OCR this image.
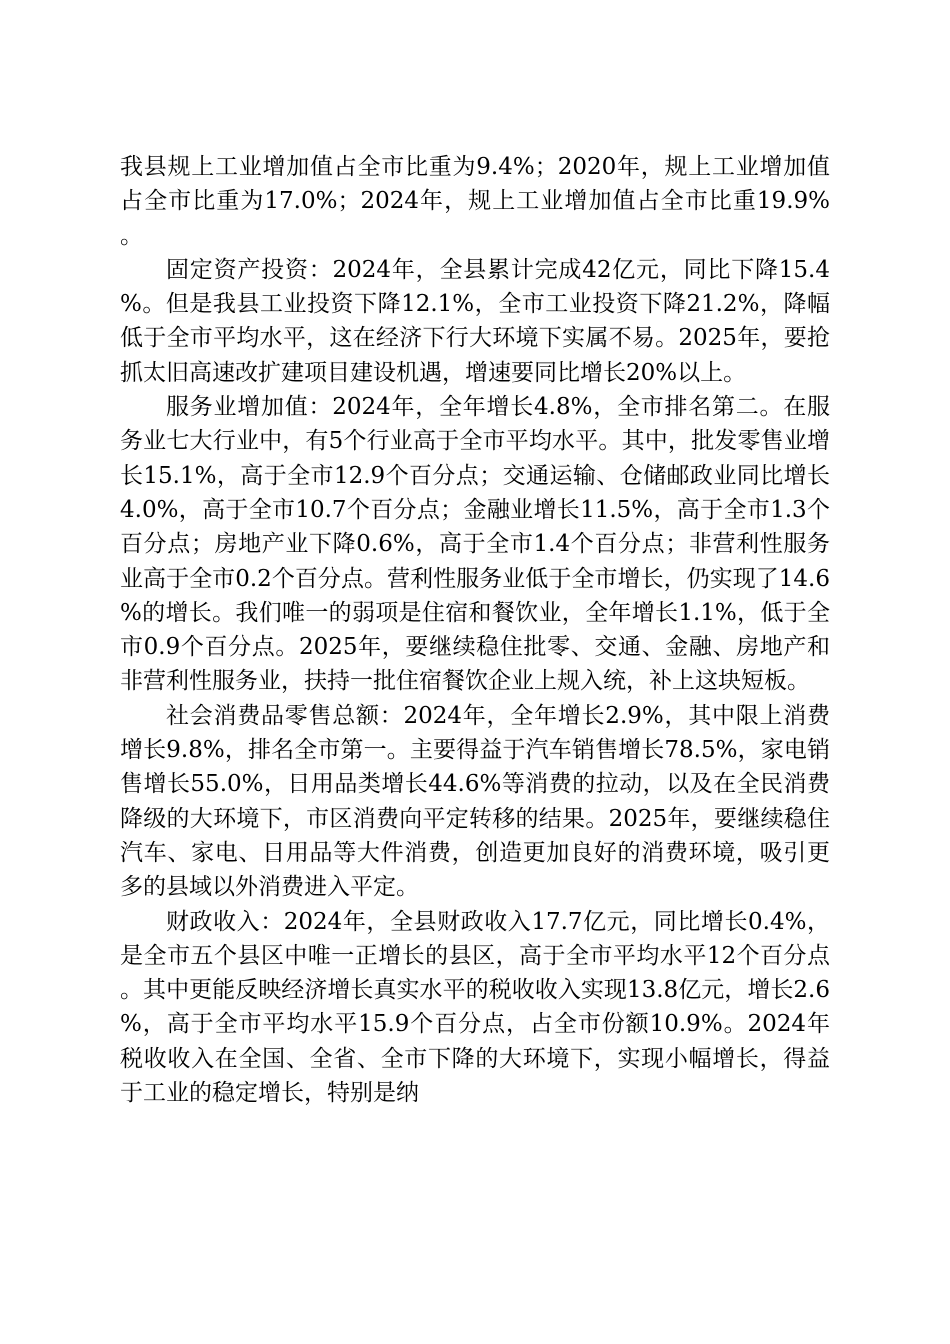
我县规上工业增加值占全市比重为9.4%；2020年，规上工业增加值占全市比重为17.0%；2024年，规上工业增加值占全市比重19.9%。

固定资产投资：2024年，全县累计完成42亿元，同比下降15.4%。但是我县工业投资下降12.1%，全市工业投资下降21.2%，降幅低于全市平均水平，这在经济下行大环境下实属不易。2025年，要抢抓太旧高速改扩建项目建设机遇，增速要同比增长20%以上。

服务业增加值：2024年，全年增长4.8%，全市排名第二。在服务业七大行业中，有5个行业高于全市平均水平。其中，批发零售业增长15.1%，高于全市12.9个百分点；交通运输、仓储邮政业同比增长4.0%，高于全市10.7个百分点；金融业增长11.5%，高于全市1.3个百分点；房地产业下降0.6%，高于全市1.4个百分点；非营利性服务业高于全市0.2个百分点。营利性服务业低于全市增长，仍实现了14.6%的增长。我们唯一的弱项是住宿和餐饮业，全年增长1.1%，低于全市0.9个百分点。2025年，要继续稳住批零、交通、金融、房地产和非营利性服务业，扶持一批住宿餐饮企业上规入统，补上这块短板。

社会消费品零售总额：2024年，全年增长2.9%，其中限上消费增长9.8%，排名全市第一。主要得益于汽车销售增长78.5%，家电销售增长55.0%，日用品类增长44.6%等消费的拉动，以及在全民消费降级的大环境下，市区消费向平定转移的结果。2025年，要继续稳住汽车、家电、日用品等大件消费，创造更加良好的消费环境，吸引更多的县域以外消费进入平定。

财政收入：2024年，全县财政收入17.7亿元，同比增长0.4%，是全市五个县区中唯一正增长的县区，高于全市平均水平12个百分点。其中更能反映经济增长真实水平的税收收入实现13.8亿元，增长2.6%，高于全市平均水平15.9个百分点，占全市份额10.9%。2024年税收收入在全国、全省、全市下降的大环境下，实现小幅增长，得益于工业的稳定增长，特别是纳
